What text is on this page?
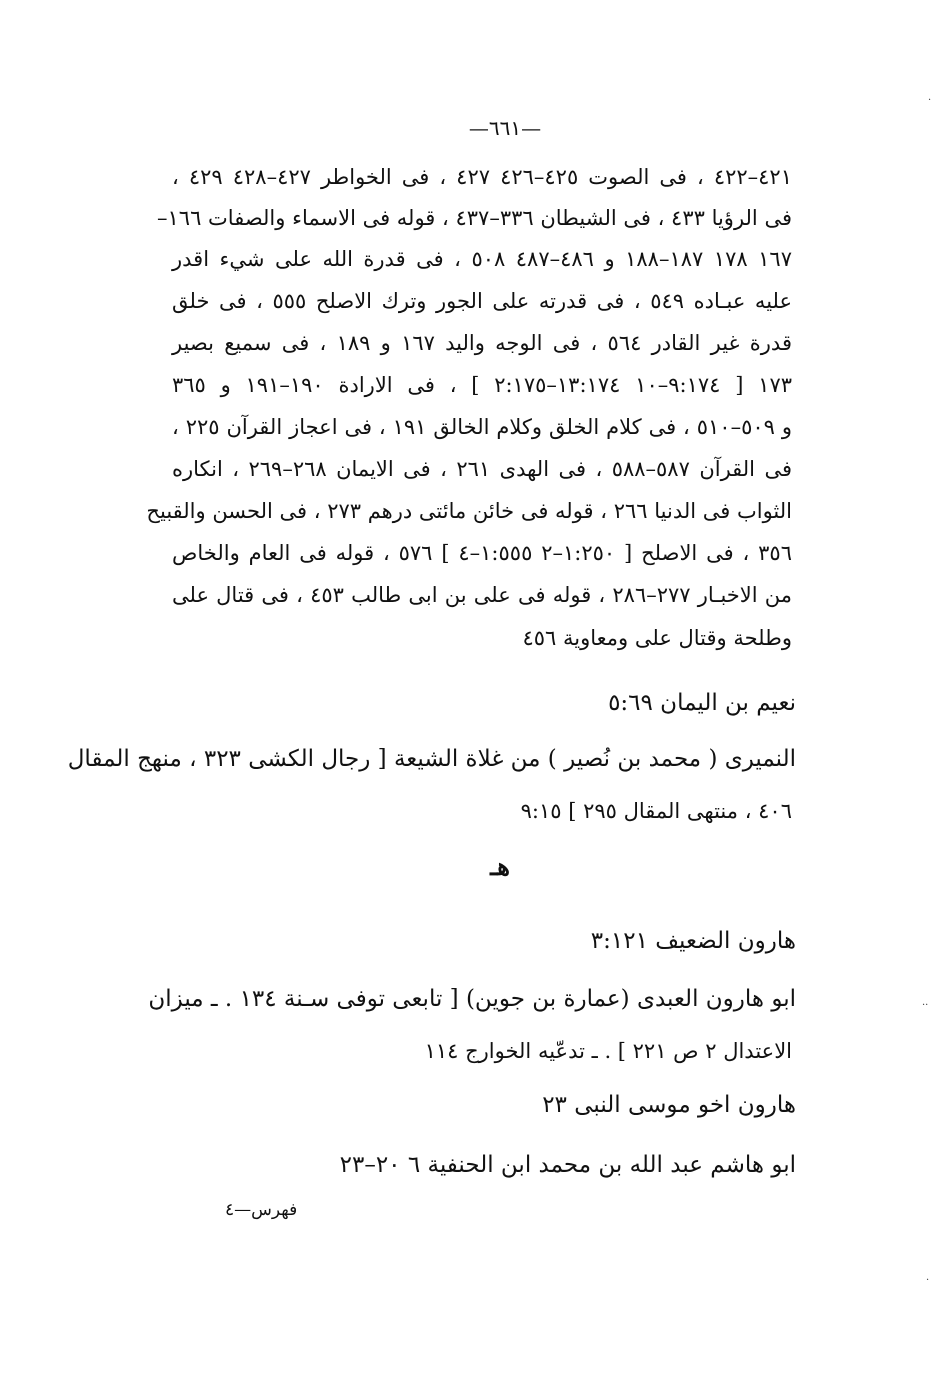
—٦٦١—
٤٢١–٤٢٢ ، فى الصوت ٤٢٥–٤٢٦ ٤٢٧ ، فى الخواطر ٤٢٧–٤٢٨ ٤٢٩ ،
فى الرؤيا ٤٣٣ ، فى الشيطان ٣٣٦–٤٣٧ ، قوله فى الاسماء والصفات ١٦٦–
١٦٧ ١٧٨ ١٨٧–١٨٨ و ٤٨٦–٤٨٧ ٥٠٨ ، فى قدرة الله على شيء اقدر
عليه عبـاده ٥٤٩ ، فى قدرته على الجور وترك الاصلح ٥٥٥ ، فى خلق
قدرة غير القادر ٥٦٤ ، فى الوجه واليد ١٦٧ و ١٨٩ ، فى سميع بصير
١٧٣ [ ٩:١٧٤–١٠ ١٣:١٧٤–٢:١٧٥ ] ، فى الارادة ١٩٠–١٩١ و ٣٦٥
و ٥٠٩–٥١٠ ، فى كلام الخلق وكلام الخالق ١٩١ ، فى اعجاز القرآن ٢٢٥ ،
فى القرآن ٥٨٧–٥٨٨ ، فى الهدى ٢٦١ ، فى الايمان ٢٦٨–٢٦٩ ، انكاره
الثواب فى الدنيا ٢٦٦ ، قوله فى خائن مائتى درهم ٢٧٣ ، فى الحسن والقبيح
٣٥٦ ، فى الاصلح [ ١:٢٥٠–٢ ١:٥٥٥–٤ ] ٥٧٦ ، قوله فى العام والخاص
من الاخبـار ٢٧٧–٢٨٦ ، قوله فى على بن ابى طالب ٤٥٣ ، فى قتال على
وطلحة وقتال على ومعاوية ٤٥٦
نعيم بن اليمان ٥:٦٩
النميرى ( محمد بن نُصير ) من غلاة الشيعة [ رجال الكشى ٣٢٣ ، منهج المقال
٤٠٦ ، منتهى المقال ٢٩٥ ] ٩:١٥
هـ
هارون الضعيف ٣:١٢١
ابو هارون العبدى (عمارة بن جوين) [ تابعى توفى سـنة ١٣٤ . ـ ميزان
الاعتدال ٢ ص ٢٢١ ] . ـ تدعّيه الخوارج ١١٤
هارون اخو موسى النبى ٢٣
ابو هاشم عبد الله بن محمد ابن الحنفية ٦ ٢٠–٢٣
فهرس—٤
·
··
·
